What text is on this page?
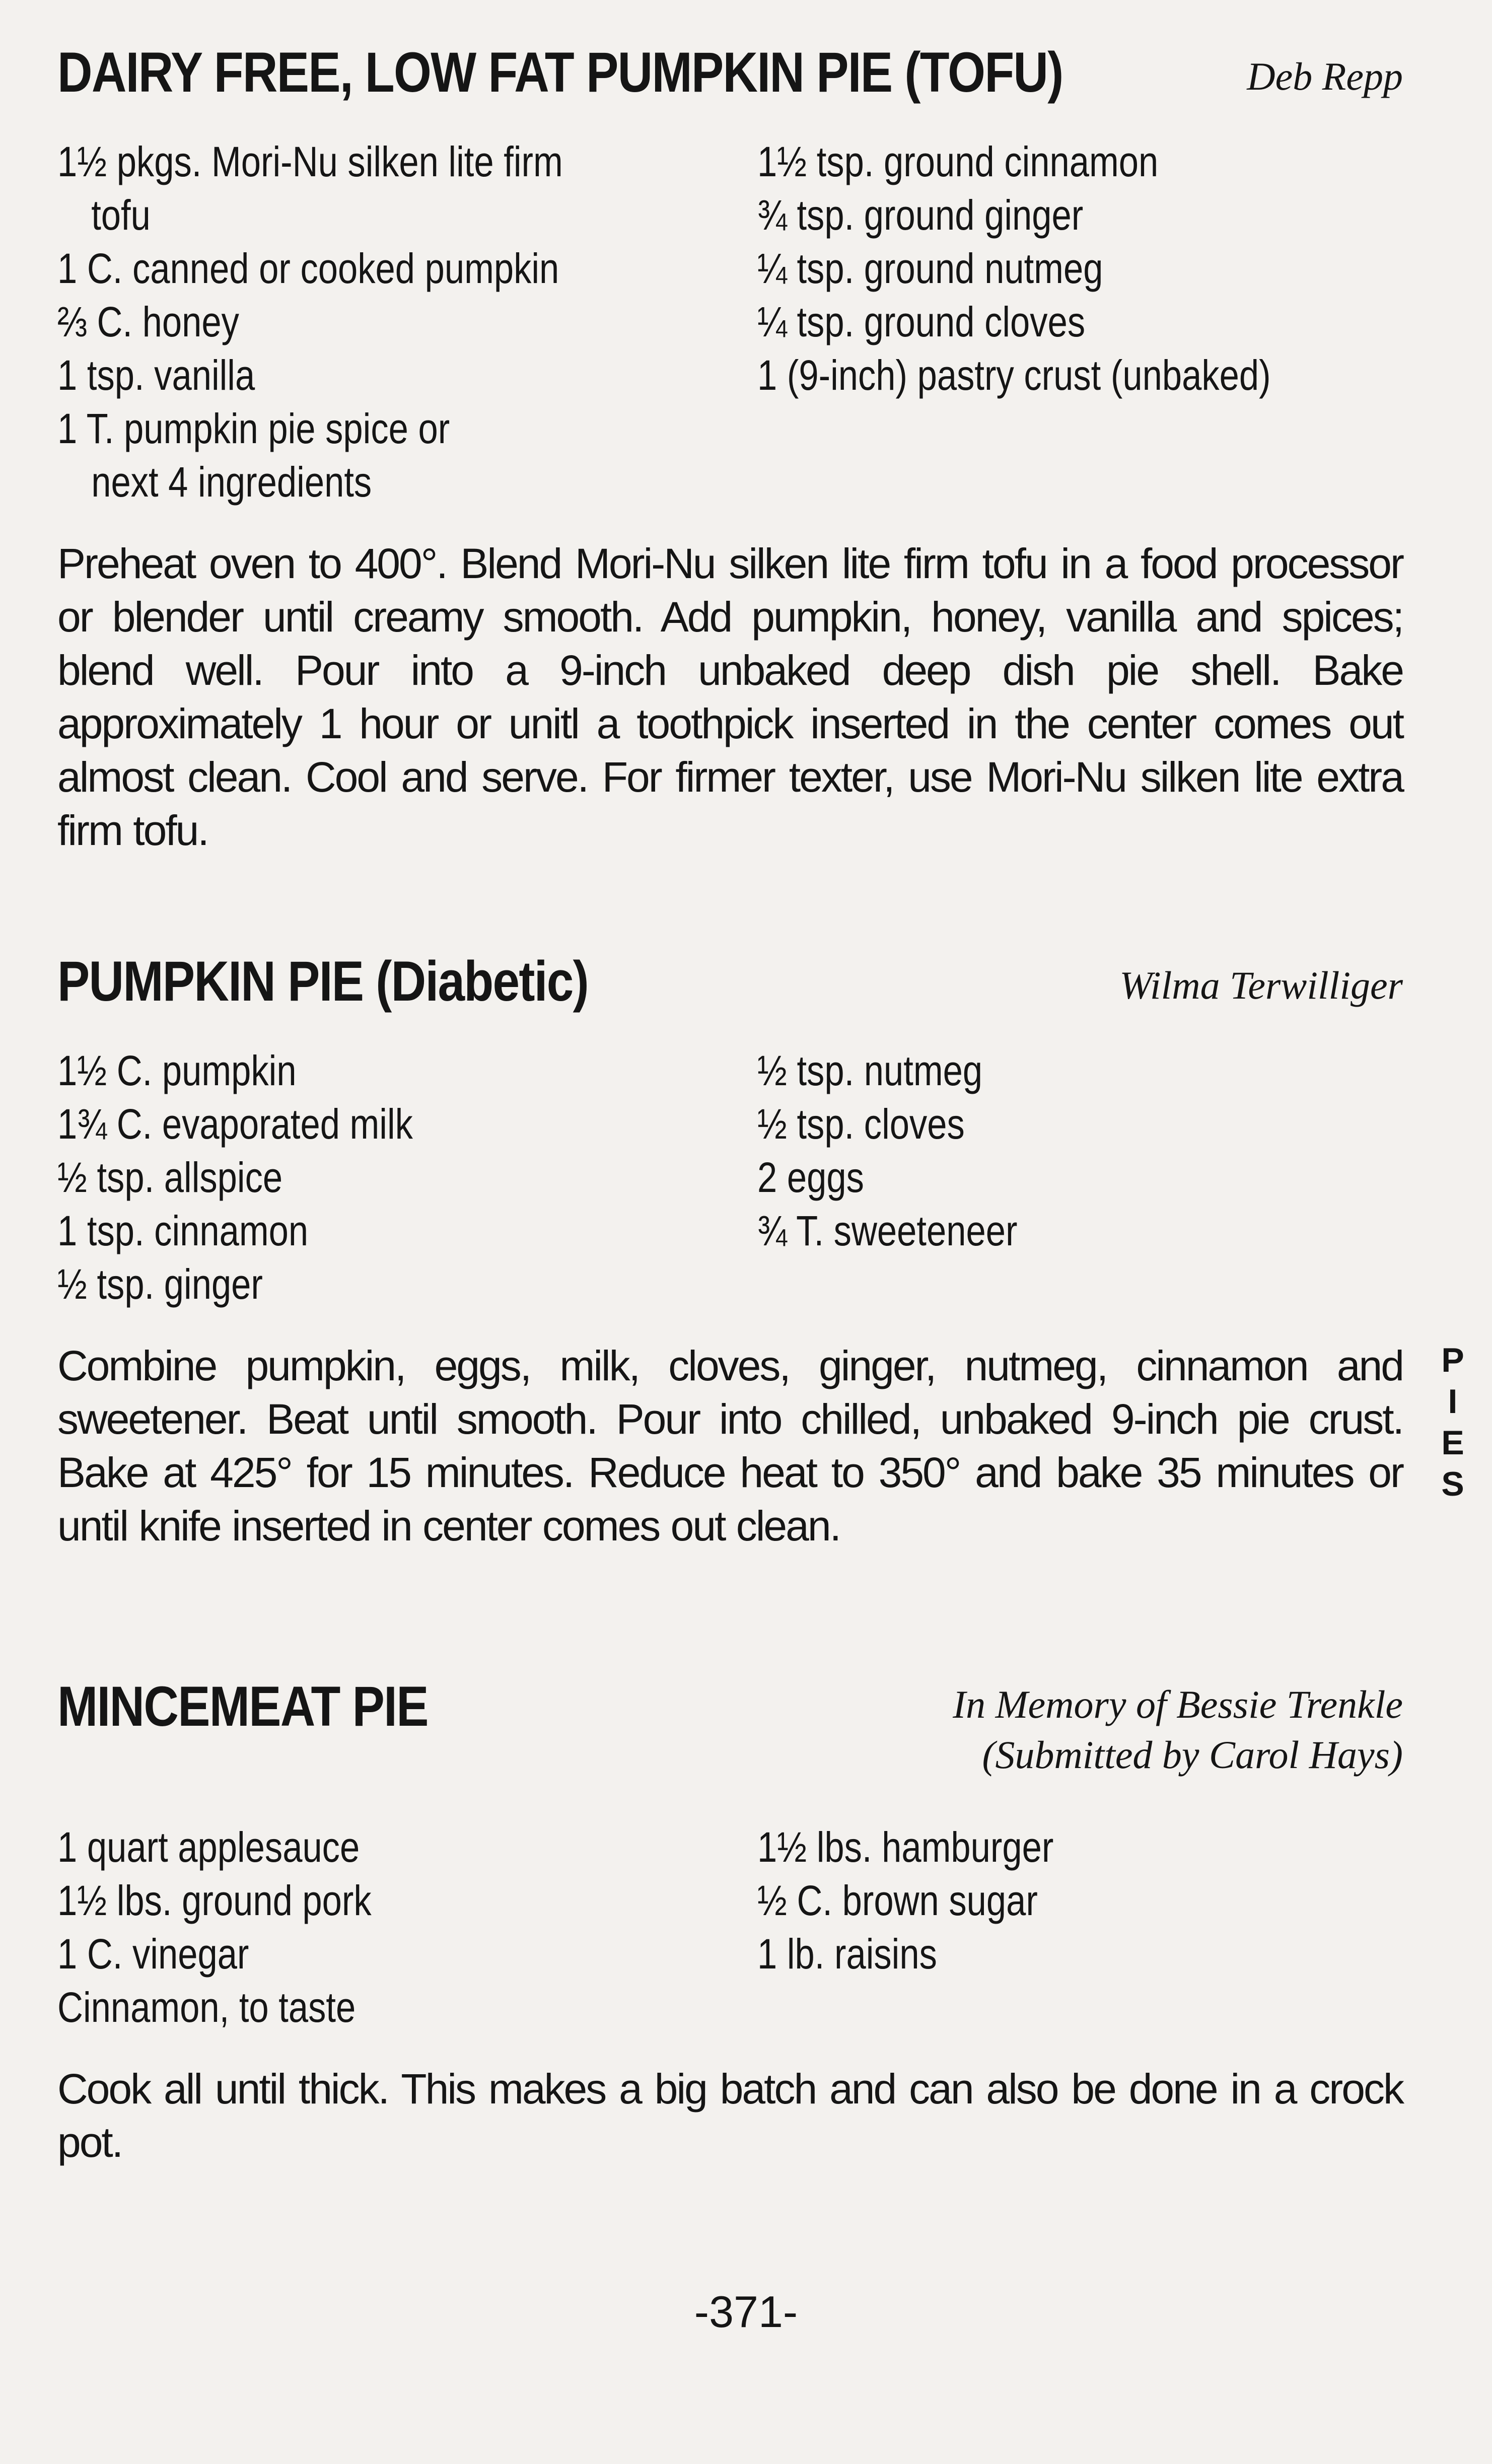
DAIRY FREE, LOW FAT PUMPKIN PIE (TOFU)	Deb Repp
1½ pkgs. Mori-Nu silken lite firm
tofu
1 C. canned or cooked pumpkin
⅔ C. honey
1 tsp. vanilla
1 T. pumpkin pie spice or
next 4 ingredients
1½ tsp. ground cinnamon
¾ tsp. ground ginger
¼ tsp. ground nutmeg
¼ tsp. ground cloves
1 (9-inch) pastry crust (unbaked)
Preheat oven to 400°. Blend Mori-Nu silken lite firm tofu in a food processor or blender until creamy smooth. Add pumpkin, honey, vanilla and spices; blend well. Pour into a 9-inch unbaked deep dish pie shell. Bake approximately 1 hour or unitl a toothpick inserted in the center comes out almost clean. Cool and serve. For firmer texter, use Mori-Nu silken lite extra firm tofu.
PUMPKIN PIE (Diabetic)	Wilma Terwilliger
1½ C. pumpkin
1¾ C. evaporated milk
½ tsp. allspice
1 tsp. cinnamon
½ tsp. ginger
½ tsp. nutmeg
½ tsp. cloves
2 eggs
¾ T. sweeteneer
Combine pumpkin, eggs, milk, cloves, ginger, nutmeg, cinnamon and sweetener. Beat until smooth. Pour into chilled, unbaked 9-inch pie crust. Bake at 425° for 15 minutes. Reduce heat to 350° and bake 35 minutes or until knife inserted in center comes out clean.
MINCEMEAT PIE	In Memory of Bessie Trenkle
(Submitted by Carol Hays)
1 quart applesauce
1½ lbs. ground pork
1 C. vinegar
Cinnamon, to taste
1½ lbs. hamburger
½ C. brown sugar
1 lb. raisins
Cook all until thick. This makes a big batch and can also be done in a crock pot.
P
I
E
S
-371-
